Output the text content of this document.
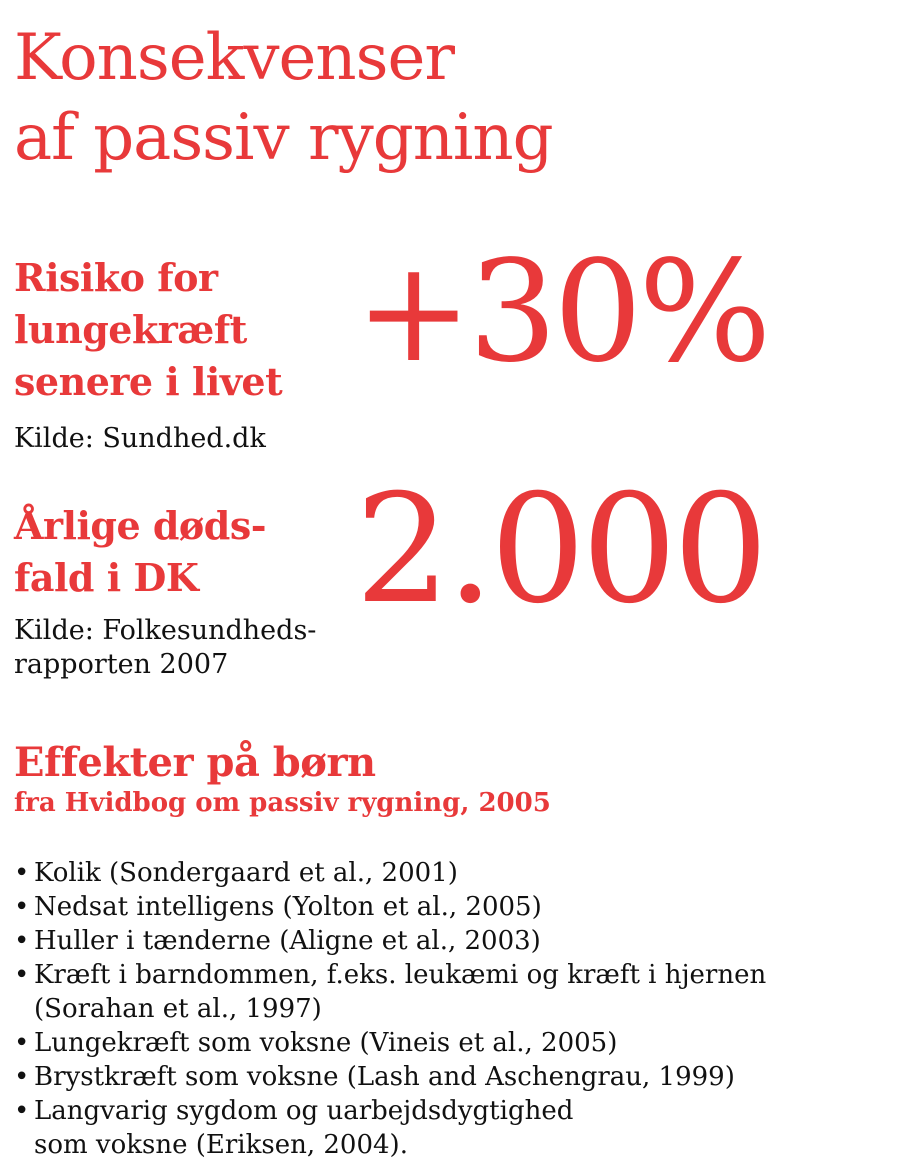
Konsekvenser
af passiv rygning
Risiko for
lungekræft
senere i livet +30%

Kilde: Sundhed.dk

Årlige døds-
fald i DK	2.000

Kilde: Folkesundheds-
rapporten 2007

Effekter på børn

fra Hvidbog om passiv rygning, 2005

• Kolik (Sondergaard et al., 2001)
• Nedsat intelligens (Yolton et al., 2005)
• Huller i tænderne (Aligne et al., 2003)
• Kræft i barndommen, f.eks. leukæmi og kræft i hjernen
(Sorahan et al., 1997)
• Lungekræft som voksne (Vineis et al., 2005)
• Brystkræft som voksne (Lash and Aschengrau, 1999)
• Langvarig sygdom og uarbejdsdygtighed
som voksne (Eriksen, 2004).
